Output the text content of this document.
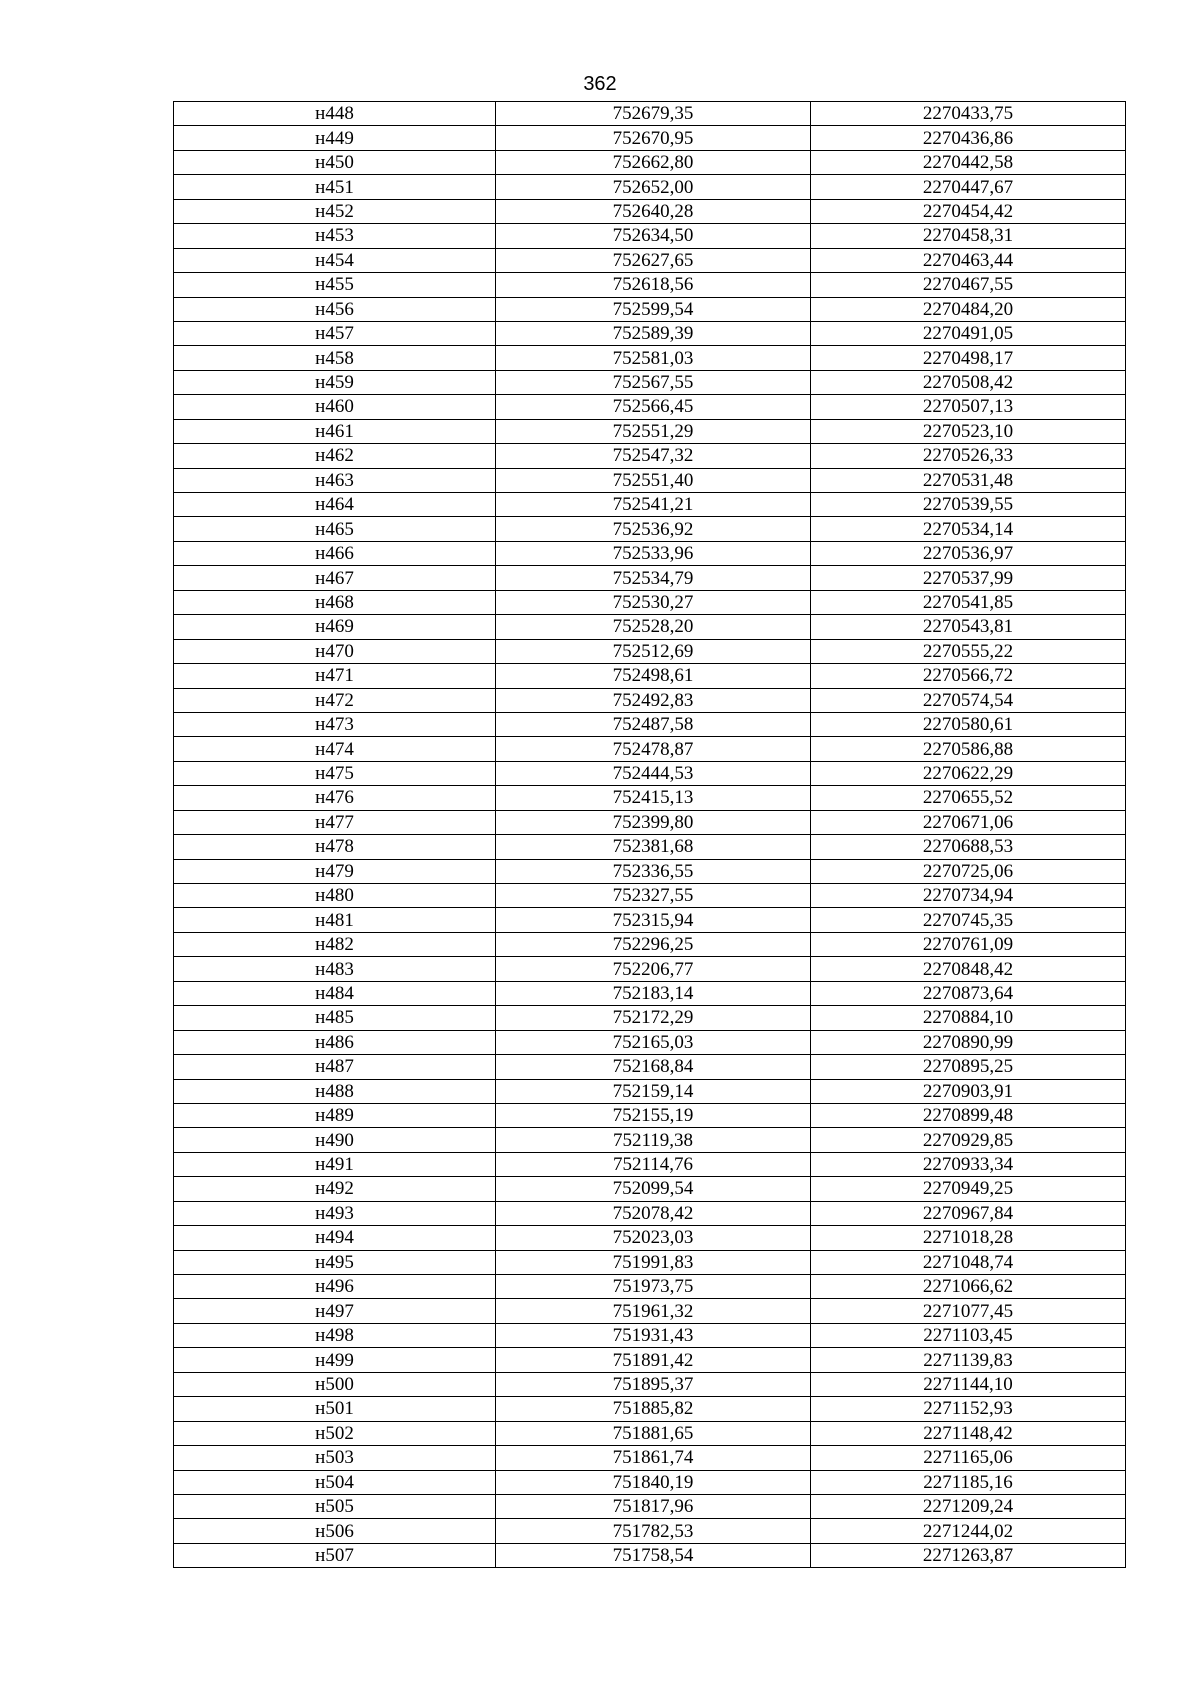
362
н448	752679,35	2270433,75
н449	752670,95	2270436,86
н450	752662,80	2270442,58
н451	752652,00	2270447,67
н452	752640,28	2270454,42
н453	752634,50	2270458,31
н454	752627,65	2270463,44
н455	752618,56	2270467,55
н456	752599,54	2270484,20
н457	752589,39	2270491,05
н458	752581,03	2270498,17
н459	752567,55	2270508,42
н460	752566,45	2270507,13
н461	752551,29	2270523,10
н462	752547,32	2270526,33
н463	752551,40	2270531,48
н464	752541,21	2270539,55
н465	752536,92	2270534,14
н466	752533,96	2270536,97
н467	752534,79	2270537,99
н468	752530,27	2270541,85
н469	752528,20	2270543,81
н470	752512,69	2270555,22
н471	752498,61	2270566,72
н472	752492,83	2270574,54
н473	752487,58	2270580,61
н474	752478,87	2270586,88
н475	752444,53	2270622,29
н476	752415,13	2270655,52
н477	752399,80	2270671,06
н478	752381,68	2270688,53
н479	752336,55	2270725,06
н480	752327,55	2270734,94
н481	752315,94	2270745,35
н482	752296,25	2270761,09
н483	752206,77	2270848,42
н484	752183,14	2270873,64
н485	752172,29	2270884,10
н486	752165,03	2270890,99
н487	752168,84	2270895,25
н488	752159,14	2270903,91
н489	752155,19	2270899,48
н490	752119,38	2270929,85
н491	752114,76	2270933,34
н492	752099,54	2270949,25
н493	752078,42	2270967,84
н494	752023,03	2271018,28
н495	751991,83	2271048,74
н496	751973,75	2271066,62
н497	751961,32	2271077,45
н498	751931,43	2271103,45
н499	751891,42	2271139,83
н500	751895,37	2271144,10
н501	751885,82	2271152,93
н502	751881,65	2271148,42
н503	751861,74	2271165,06
н504	751840,19	2271185,16
н505	751817,96	2271209,24
н506	751782,53	2271244,02
н507	751758,54	2271263,87
